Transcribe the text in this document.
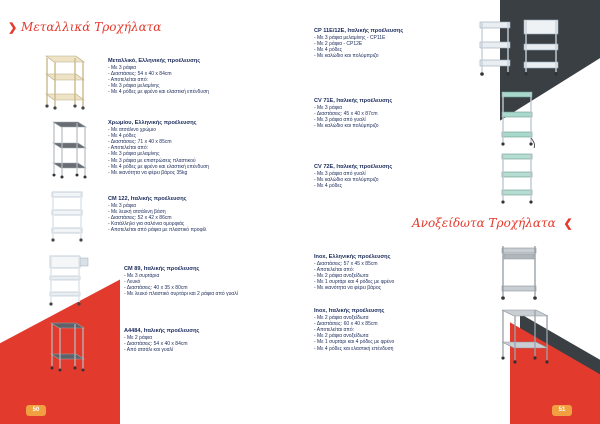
❯ Μεταλλικά Τροχήλατα
Μεταλλικό, Ελληνικής προέλευσης
- Με 3 ράφια
- Διαστάσεις: 54 x 40 x 84cm
- Αποτελείται από:
- Με 3 ράφια μελαμίνης
- Με 4 ρόδες με φρένο και ελαστική επένδυση
Χρωμίου, Ελληνικής προέλευσης
- Με ατσάλινο χρώμιο
- Με 4 ρόδες
- Διαστάσεις: 71 x 40 x 85cm
- Αποτελείται από:
- Με 3 ράφια μελαμίνης
- Με 3 ράφια με επιστρώσεις πλαστικού
- Με 4 ρόδες με φρένο και ελαστική επένδυση
- Με ικανότητα να φέρει βάρος 35kg
CM 122, Ιταλικής προέλευσης
- Με 3 ράφια
- Με λευκή ατσάλινη βάση
- Διαστάσεις: 52 x 42 x 86cm
- Κατάλληλο για σαλόνια ομορφιάς
- Αποτελείται από ράφια με πλαστικό προφίλ
CM 89, Ιταλικής προέλευσης
- Με 3 συρτάρια
- Λευκό
- Διαστάσεις: 40 x 35 x 80cm
- Με λευκό πλαστικό συρτάρι και 2 ράφια από γυαλί
A4484, Ιταλικής προέλευσης
- Με 2 ράφια
- Διαστάσεις: 54 x 40 x 84cm
- Από ατσάλι και γυαλί
50
CP 11E/12E, Ιταλικής προέλευσης
- Με 3 ράφια μελαμίνης - CP11E
- Με 2 ράφια - CP12E
- Με 4 ρόδες
- Με καλώδιο και πολύμπριζο
CV 71E, Ιταλικής προέλευσης
- Με 3 ράφια
- Διαστάσεις: 45 x 40 x 87cm
- Με 3 ράφια από γυαλί
- Με καλώδιο και πολύμπριζο
CV 72E, Ιταλικής προέλευσης
- Με 3 ράφια από γυαλί
- Με καλώδιο και πολύμπριζο
- Με 4 ρόδες
Ανοξείδωτα Τροχήλατα ❮
Inox, Ελληνικής προέλευσης
- Διαστάσεις: 57 x 45 x 85cm
- Αποτελείται από:
- Με 2 ράφια ανοξείδωτα
- Με 1 συρτάρι και 4 ρόδες με φρένο
- Με ικανότητα να φέρει βάρος
Inox, Ιταλικής προέλευσης
- Με 2 ράφια ανοξείδωτα
- Διαστάσεις: 60 x 40 x 85cm
- Αποτελείται από:
- Με 2 ράφια ανοξείδωτα
- Με 1 συρτάρι και 4 ρόδες με φρένο
- Με 4 ρόδες και ελαστική επένδυση
51
